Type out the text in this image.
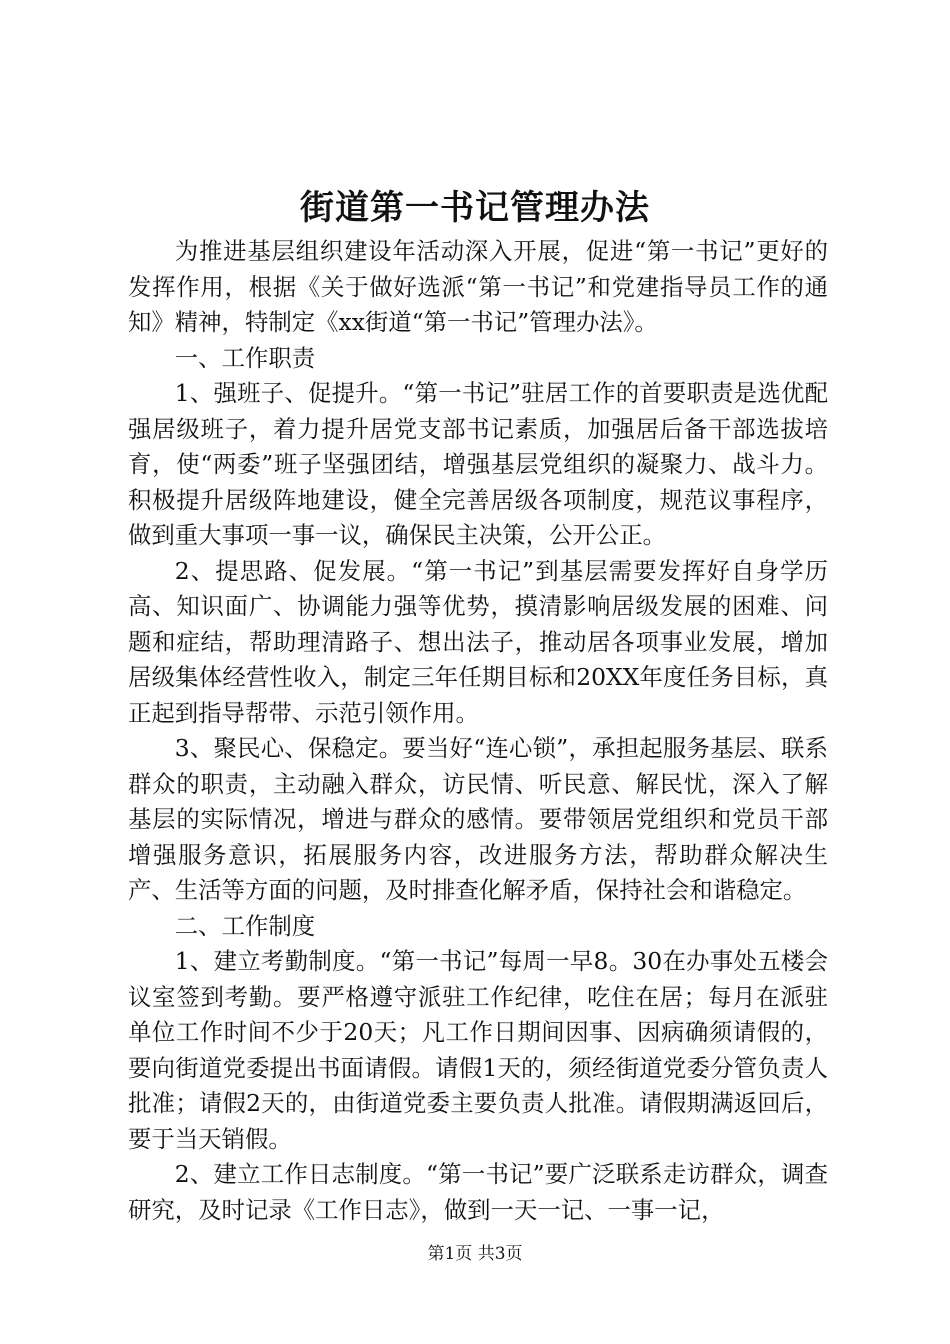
街道第一书记管理办法

为推进基层组织建设年活动深入开展，促进“第一书记”更好的发挥作用，根据《关于做好选派“第一书记”和党建指导员工作的通知》精神，特制定《xx街道“第一书记”管理办法》。

一、工作职责

1、强班子、促提升。“第一书记”驻居工作的首要职责是选优配强居级班子，着力提升居党支部书记素质，加强居后备干部选拔培育，使“两委”班子坚强团结，增强基层党组织的凝聚力、战斗力。积极提升居级阵地建设，健全完善居级各项制度，规范议事程序，做到重大事项一事一议，确保民主决策，公开公正。

2、提思路、促发展。“第一书记”到基层需要发挥好自身学历高、知识面广、协调能力强等优势，摸清影响居级发展的困难、问题和症结，帮助理清路子、想出法子，推动居各项事业发展，增加居级集体经营性收入，制定三年任期目标和20XX年度任务目标，真正起到指导帮带、示范引领作用。

3、聚民心、保稳定。要当好“连心锁”，承担起服务基层、联系群众的职责，主动融入群众，访民情、听民意、解民忧，深入了解基层的实际情况，增进与群众的感情。要带领居党组织和党员干部增强服务意识，拓展服务内容，改进服务方法，帮助群众解决生产、生活等方面的问题，及时排查化解矛盾，保持社会和谐稳定。

二、工作制度

1、建立考勤制度。“第一书记”每周一早8。30在办事处五楼会议室签到考勤。要严格遵守派驻工作纪律，吃住在居；每月在派驻单位工作时间不少于20天；凡工作日期间因事、因病确须请假的，要向街道党委提出书面请假。请假1天的，须经街道党委分管负责人批准；请假2天的，由街道党委主要负责人批准。请假期满返回后，要于当天销假。

2、建立工作日志制度。“第一书记”要广泛联系走访群众，调查研究，及时记录《工作日志》，做到一天一记、一事一记，

第1页 共3页
